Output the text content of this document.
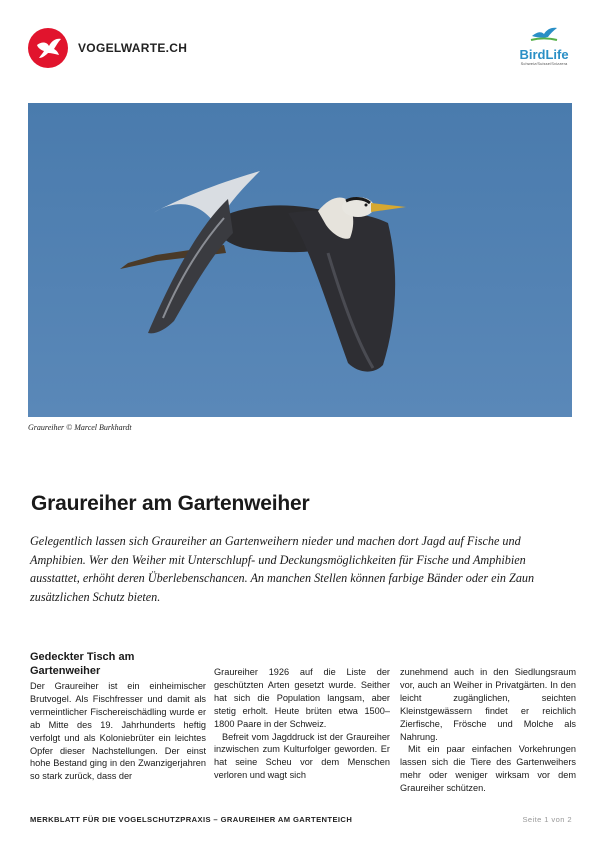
VOGELWARTE.CH	BirdLife
Schweiz/Suisse/Svizzera
Graureiher © Marcel Burkhardt
Graureiher am Gartenweiher

Gelegentlich lassen sich Graureiher an Gartenweihern nieder und machen dort Jagd auf Fische und Amphibien. Wer den Weiher mit Unterschlupf- und Deckungsmöglichkeiten für Fische und Amphibien ausstattet, erhöht deren Überlebenschancen. An manchen Stellen können farbige Bänder oder ein Zaun zusätzlichen Schutz bieten.

Gedeckter Tisch am Gartenweiher

Der Graureiher ist ein einheimischer Brutvogel. Als Fischfresser und damit als vermeintlicher Fischereischädling wurde er ab Mitte des 19. Jahrhunderts heftig verfolgt und als Koloniebrüter ein leichtes Opfer dieser Nachstellungen. Der einst hohe Bestand ging in den Zwanzigerjahren so stark zurück, dass der

Graureiher 1926 auf die Liste der geschützten Arten gesetzt wurde. Seither hat sich die Population langsam, aber stetig erholt. Heute brüten etwa 1500–1800 Paare in der Schweiz.

Befreit vom Jagddruck ist der Graureiher inzwischen zum Kulturfolger geworden. Er hat seine Scheu vor dem Menschen verloren und wagt sich

zunehmend auch in den Siedlungsraum vor, auch an Weiher in Privatgärten. In den leicht zugänglichen, seichten Kleinstgewässern findet er reichlich Zierfische, Frösche und Molche als Nahrung.

Mit ein paar einfachen Vorkehrungen lassen sich die Tiere des Gartenweihers mehr oder weniger wirksam vor dem Graureiher schützen.

MERKBLATT FÜR DIE VOGELSCHUTZPRAXIS – GRAUREIHER AM GARTENTEICH	Seite 1 von 2
